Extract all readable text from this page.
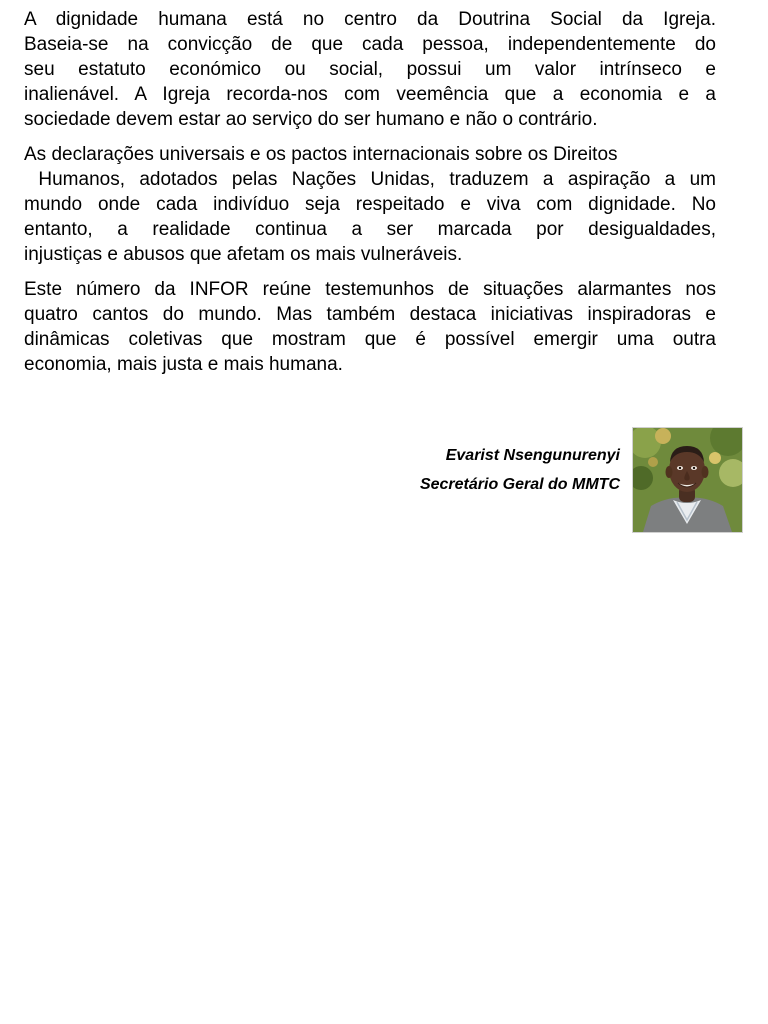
A dignidade humana está no centro da Doutrina Social da Igreja.
Baseia-se na convicção de que cada pessoa, independentemente do
seu estatuto económico ou social, possui um valor intrínseco e
inalienável. A Igreja recorda-nos com veemência que a economia e a
sociedade devem estar ao serviço do ser humano e não o contrário.

As declarações universais e os pactos internacionais sobre os Direitos
Humanos, adotados pelas Nações Unidas, traduzem a aspiração a um
mundo onde cada indivíduo seja respeitado e viva com dignidade. No
entanto, a realidade continua a ser marcada por desigualdades,
injustiças e abusos que afetam os mais vulneráveis.

Este número da INFOR reúne testemunhos de situações alarmantes nos
quatro cantos do mundo. Mas também destaca iniciativas inspiradoras e
dinâmicas coletivas que mostram que é possível emergir uma outra
economia, mais justa e mais humana.

Evarist Nsengunurenyi
Secretário Geral do MMTC
